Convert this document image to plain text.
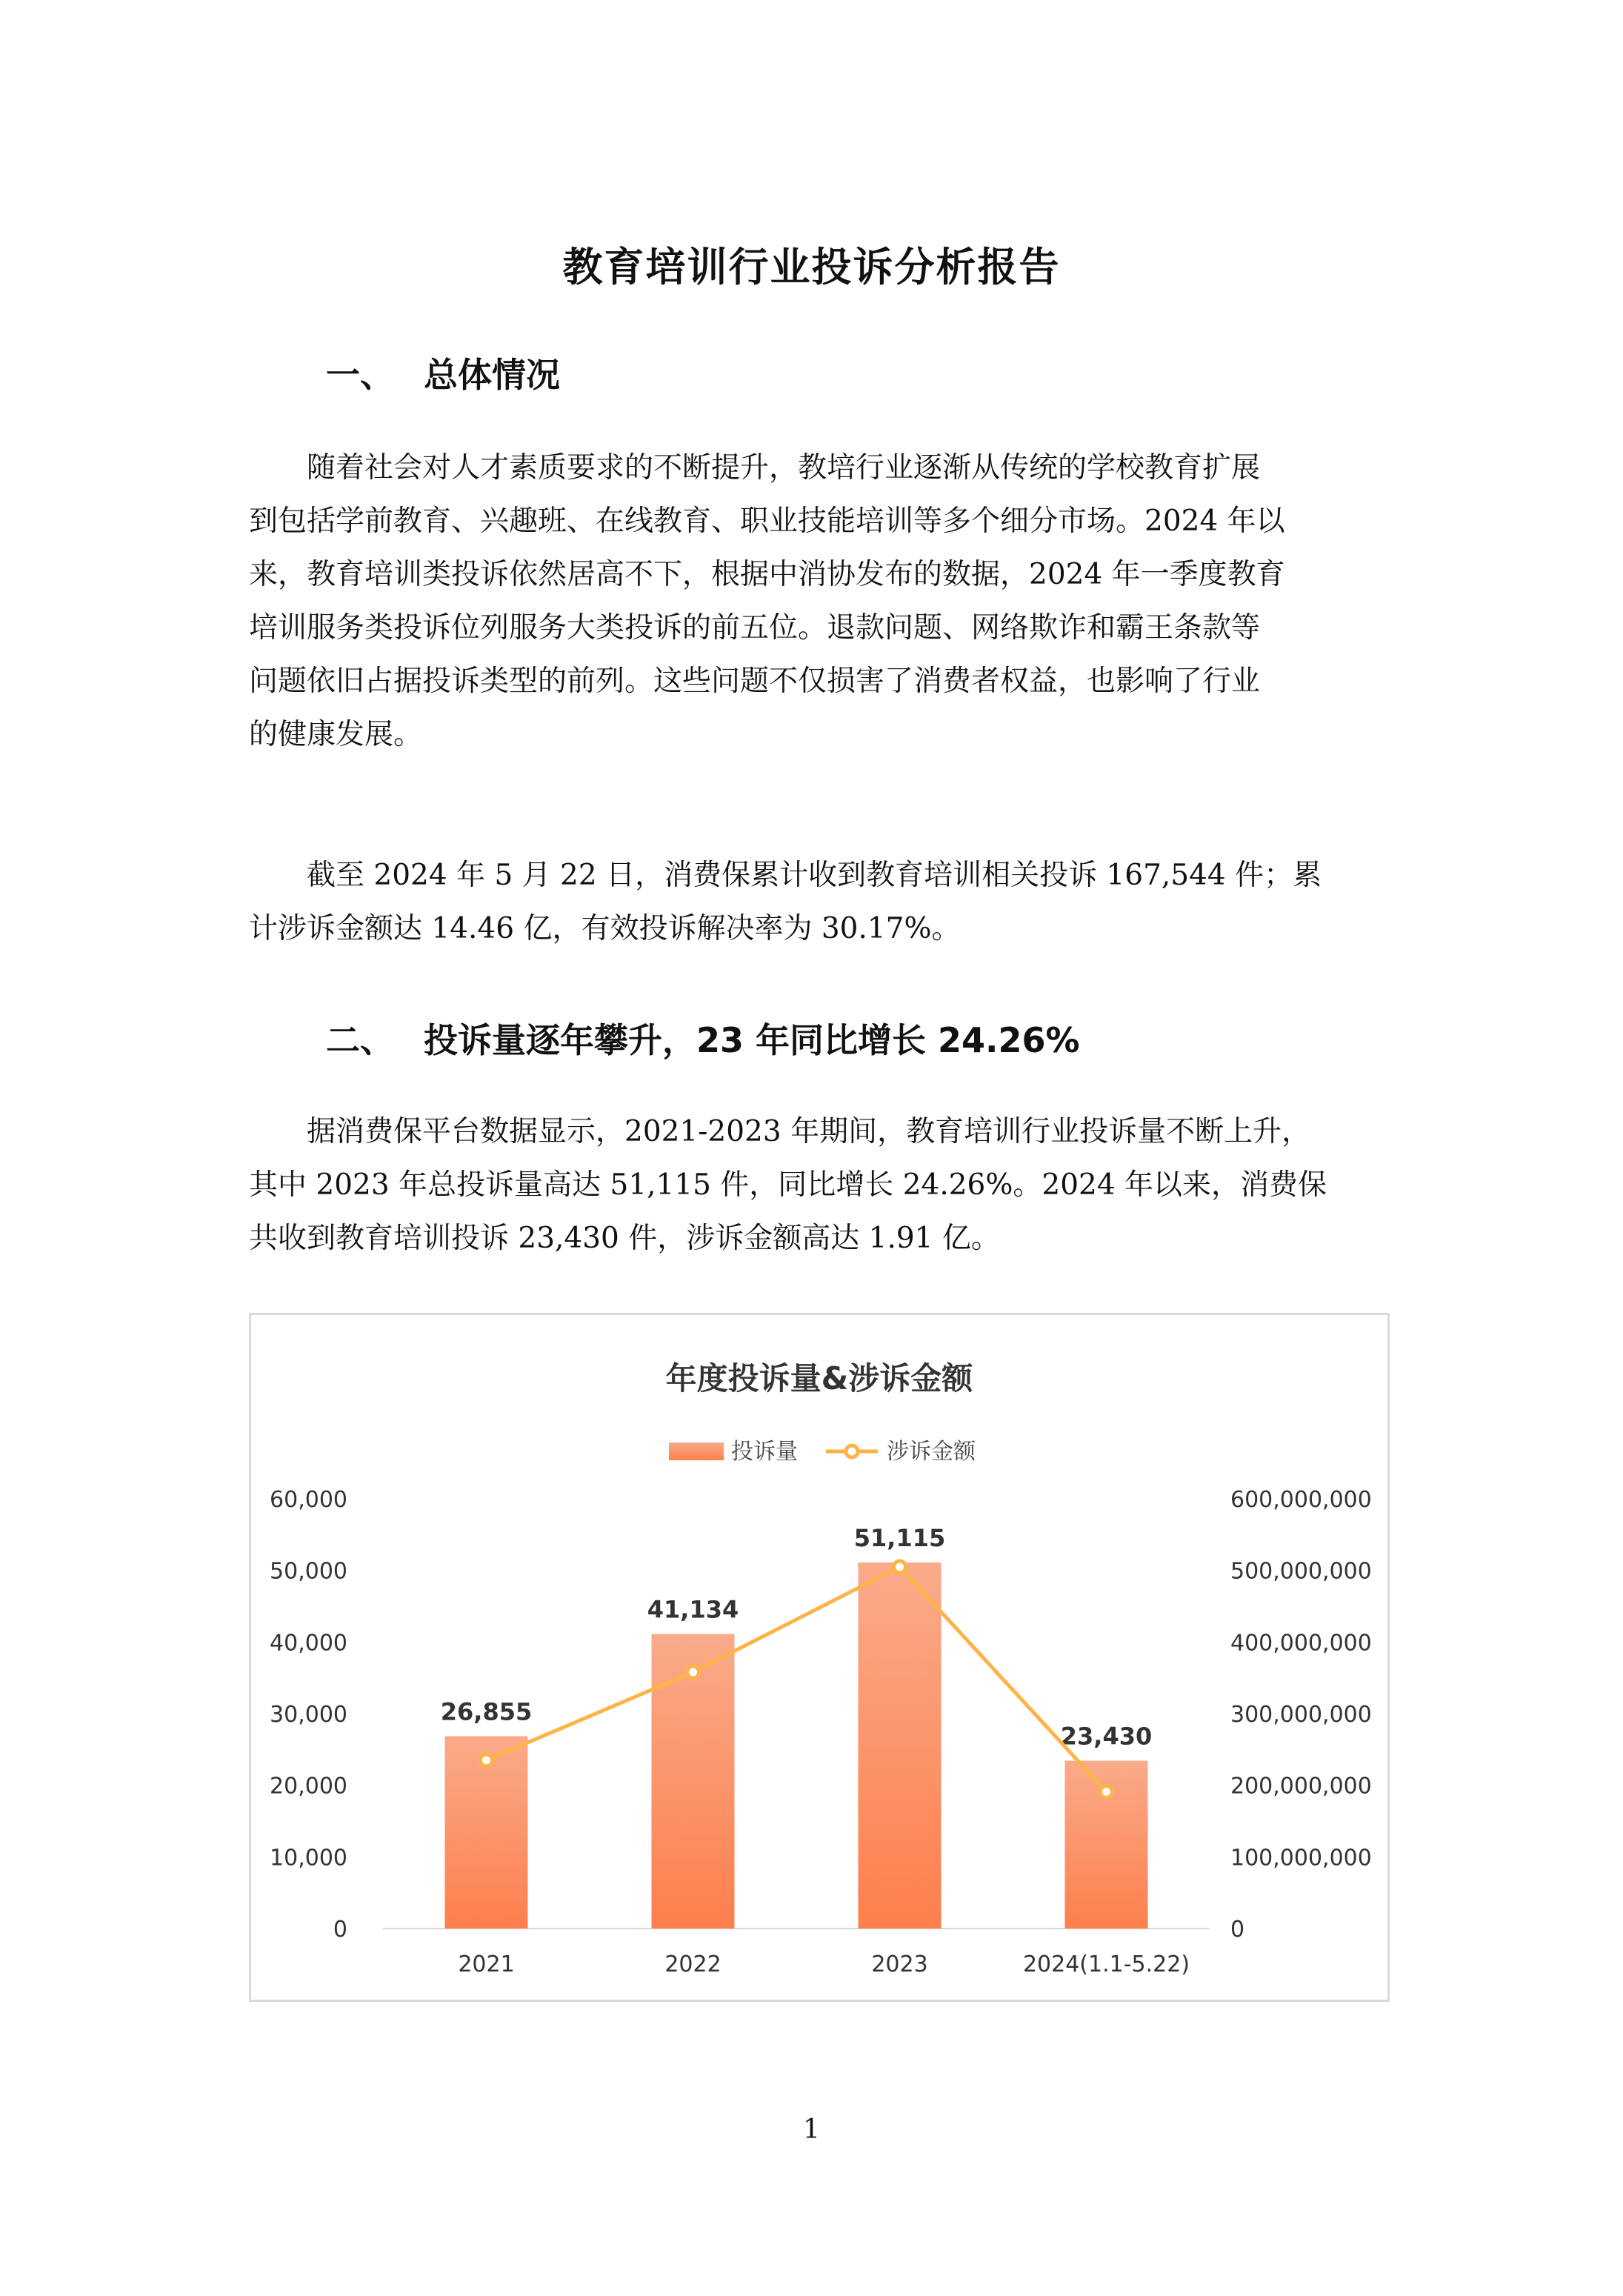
教育培训行业投诉分析报告
一、 总体情况
随着社会对人才素质要求的不断提升，教培行业逐渐从传统的学校教育扩展
到包括学前教育、兴趣班、在线教育、职业技能培训等多个细分市场。2024 年以
来，教育培训类投诉依然居高不下，根据中消协发布的数据，2024 年一季度教育
培训服务类投诉位列服务大类投诉的前五位。退款问题、网络欺诈和霸王条款等
问题依旧占据投诉类型的前列。这些问题不仅损害了消费者权益，也影响了行业
的健康发展。
截至 2024 年 5 月 22 日，消费保累计收到教育培训相关投诉 167,544 件；累
计涉诉金额达 14.46 亿，有效投诉解决率为 30.17%。
二、 投诉量逐年攀升，23 年同比增长 24.26%
据消费保平台数据显示，2021-2023 年期间，教育培训行业投诉量不断上升，
其中 2023 年总投诉量高达 51,115 件，同比增长 24.26%。2024 年以来，消费保
共收到教育培训投诉 23,430 件，涉诉金额高达 1.91 亿。
年度投诉量&涉诉金额
投诉量	涉诉金额
0
10,000
20,000
30,000
40,000
50,000
60,000
0
100,000,000
200,000,000
300,000,000
400,000,000
500,000,000
600,000,000
26,855
2021
41,134
2022
51,115
2023
23,430
2024(1.1-5.22)
1
